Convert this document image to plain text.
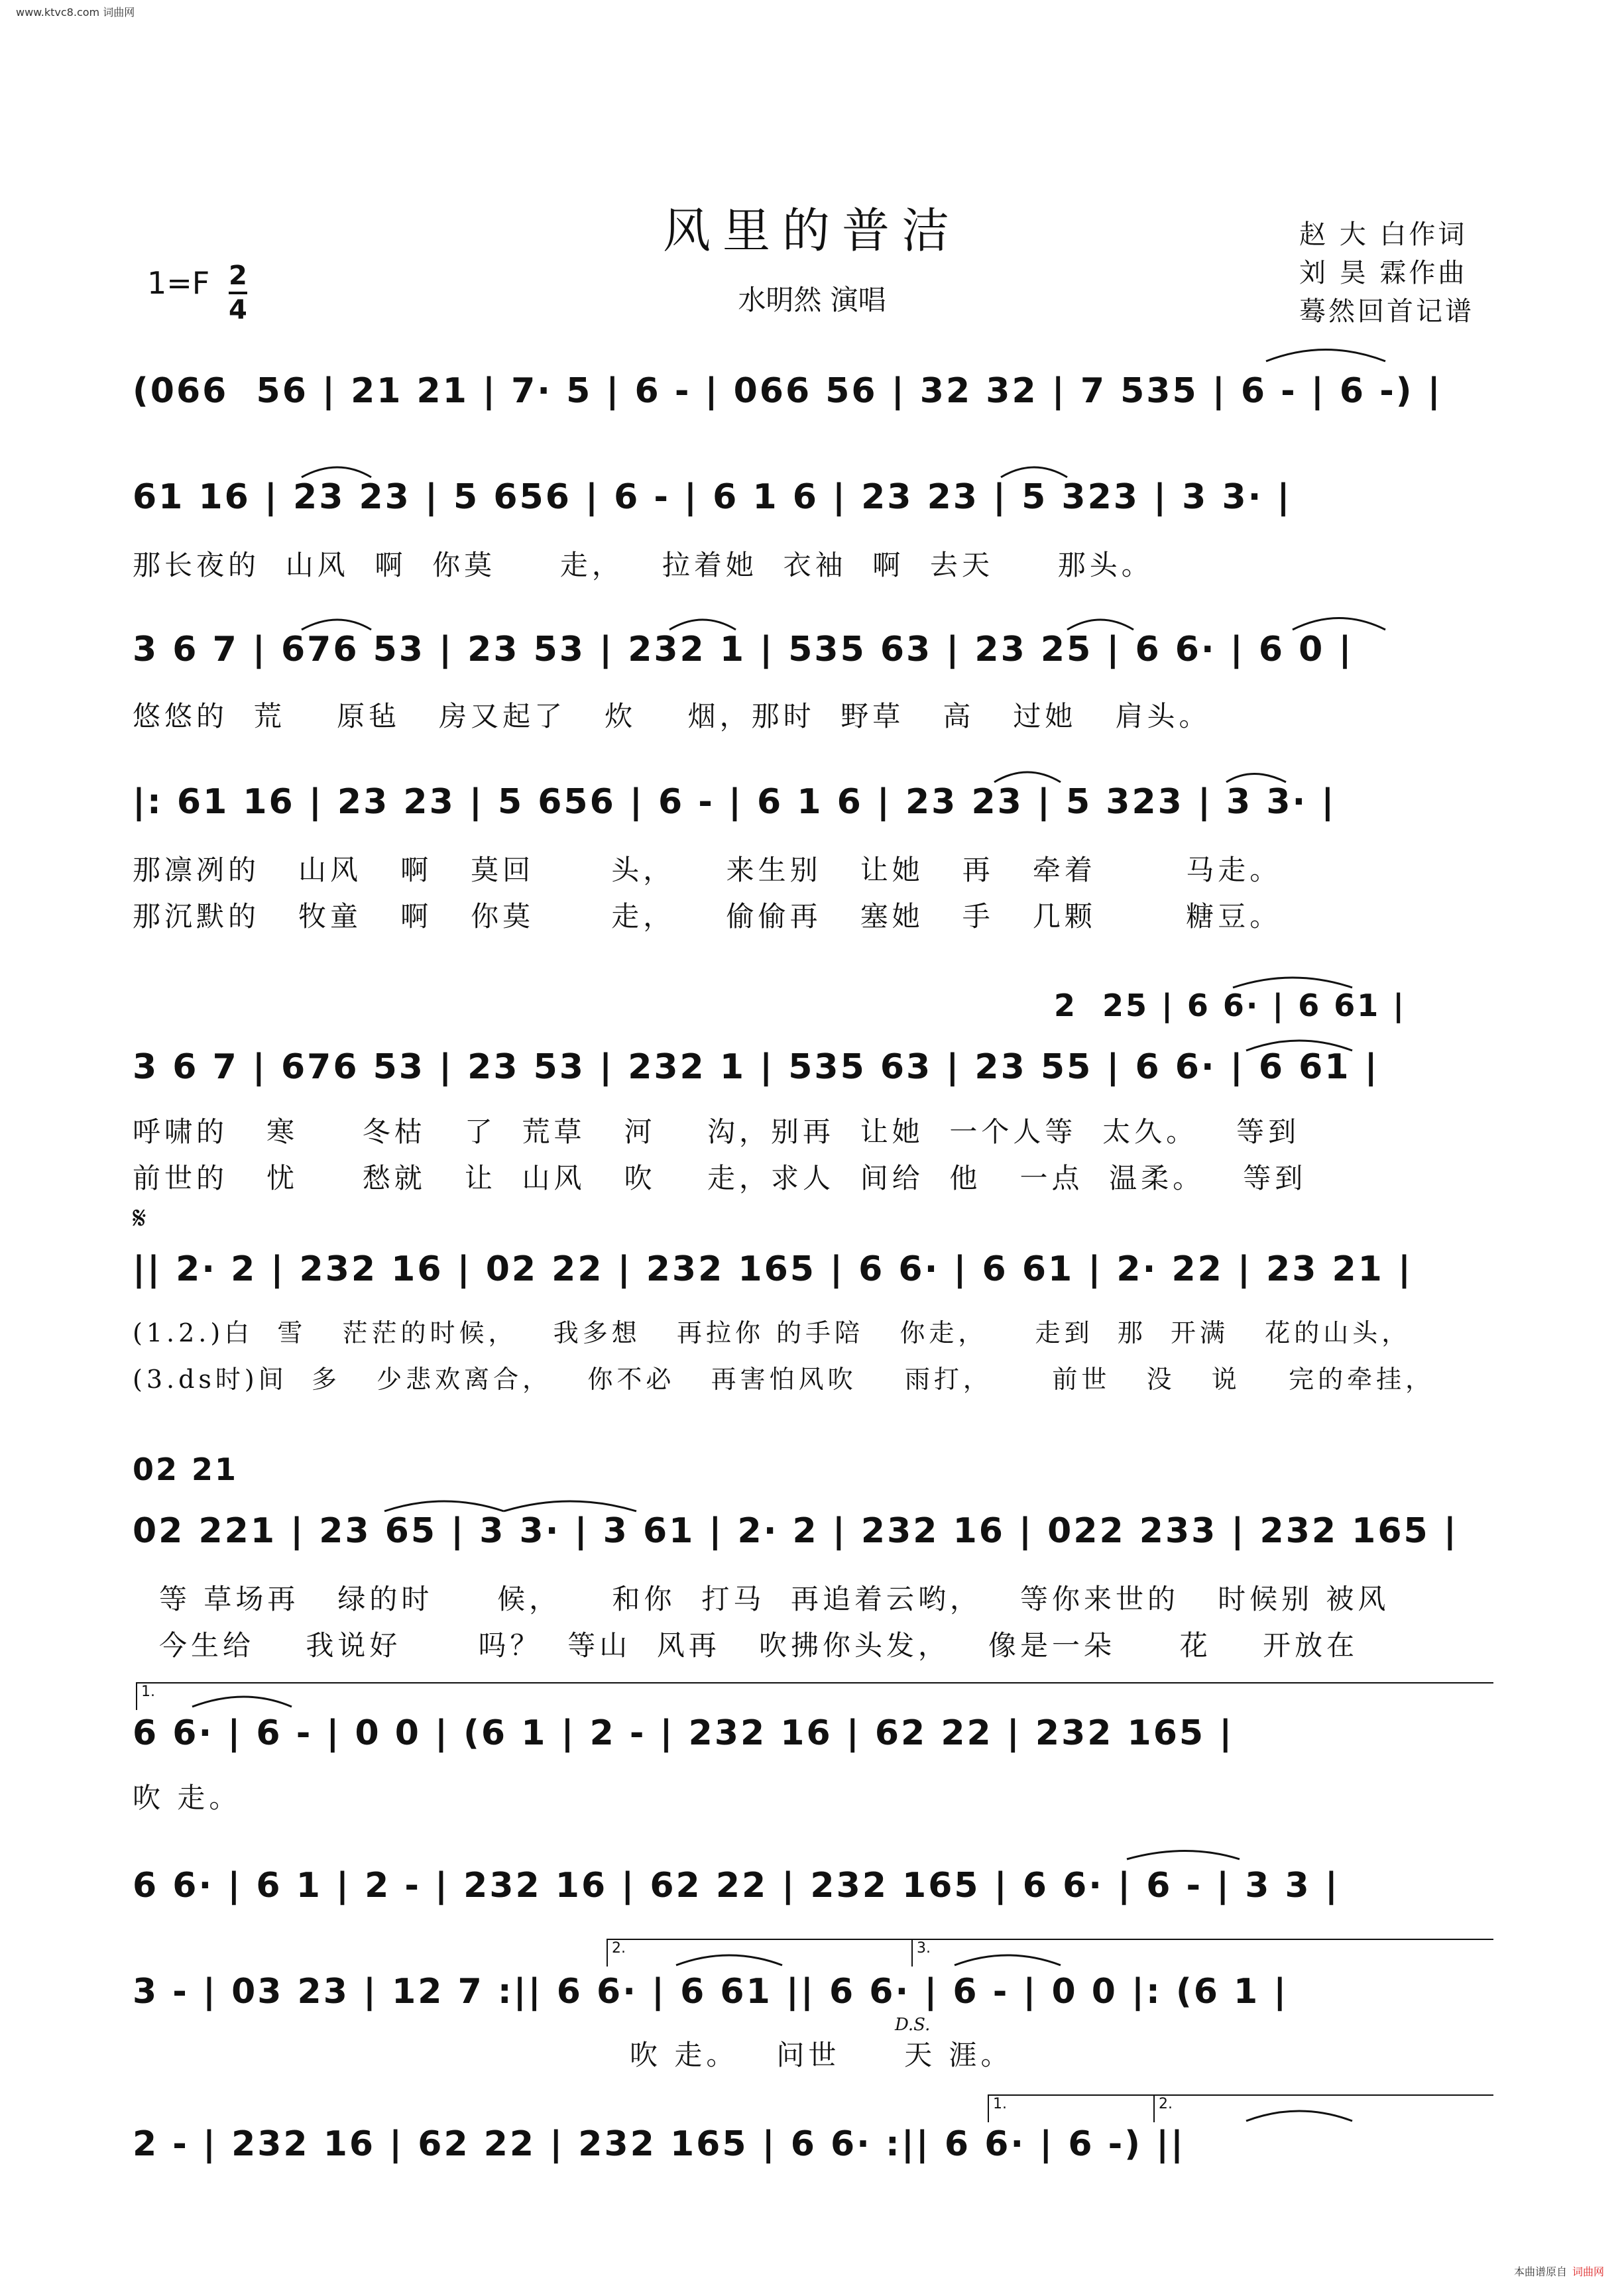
www.ktvc8.com 词曲网
风里的普洁
水明然 演唱
赵 大 白作词
刘 昊 霖作曲
蓦然回首记谱
$1=F \frac{2}{4}$
(066  56 | 21 21 | 7· 5 | 6 - | 066 56 | 32 32 | 7 535 | 6 - | 6 -) |
61 16 | 23 23 | 5 656 | 6 - | 6 1 6 | 23 23 | 5 323 | 3 3· |
那长夜的  山风  啊  你莫     走，   拉着她  衣袖  啊  去天     那头。
3 6 7 | 676 53 | 23 53 | 232 1 | 535 63 | 23 25 | 6 6· | 6 0 |
悠悠的  荒    原毡   房又起了   炊    烟，那时  野草   高   过她   肩头。
|: 61 16 | 23 23 | 5 656 | 6 - | 6 1 6 | 23 23 | 5 323 | 3 3· |
那凛冽的   山风   啊   莫回      头，    来生别   让她   再   牵着       马走。
那沉默的   牧童   啊   你莫      走，    偷偷再   塞她   手   几颗       糖豆。
2  25 | 6 6· | 6 61 |
3 6 7 | 676 53 | 23 53 | 232 1 | 535 63 | 23 55 | 6 6· | 6 61 |
呼啸的   寒     冬枯   了  荒草   河    沟，别再  让她  一个人等  太久。   等到
前世的   忧     愁就   让  山风   吹    走，求人  间给  他   一点  温柔。   等到
𝄋
|| 2· 2 | 232 16 | 02 22 | 232 165 | 6 6· | 6 61 | 2· 22 | 23 21 |
(1.2.)白  雪   茫茫的时候，   我多想   再拉你 的手陪   你走，    走到  那  开满   花的山头，
(3.ds时)间  多   少悲欢离合，   你不必   再害怕风吹    雨打，     前世   没   说    完的牵挂，
02 21
02 221 | 23 65 | 3 3· | 3 61 | 2· 2 | 232 16 | 022 233 | 232 165 |
等 草场再   绿的时     候，    和你  打马  再追着云哟，   等你来世的   时候别 被风
今生给    我说好      吗？  等山  风再   吹拂你头发，   像是一朵     花    开放在
1.
6 6· | 6 - | 0 0 | (6 1 | 2 - | 232 16 | 62 22 | 232 165 |
吹 走。
6 6· | 6 1 | 2 - | 232 16 | 62 22 | 232 165 | 6 6· | 6 - | 3 3 |
2.	3.
3 - | 03 23 | 12 7 :|| 6 6· | 6 61 || 6 6· | 6 - | 0 0 |: (6 1 |
吹 走。   问世     天 涯。
D.S.
1.	2.
2 - | 232 16 | 62 22 | 232 165 | 6 6· :|| 6 6· | 6 -) ||
本曲谱原自 词曲网
